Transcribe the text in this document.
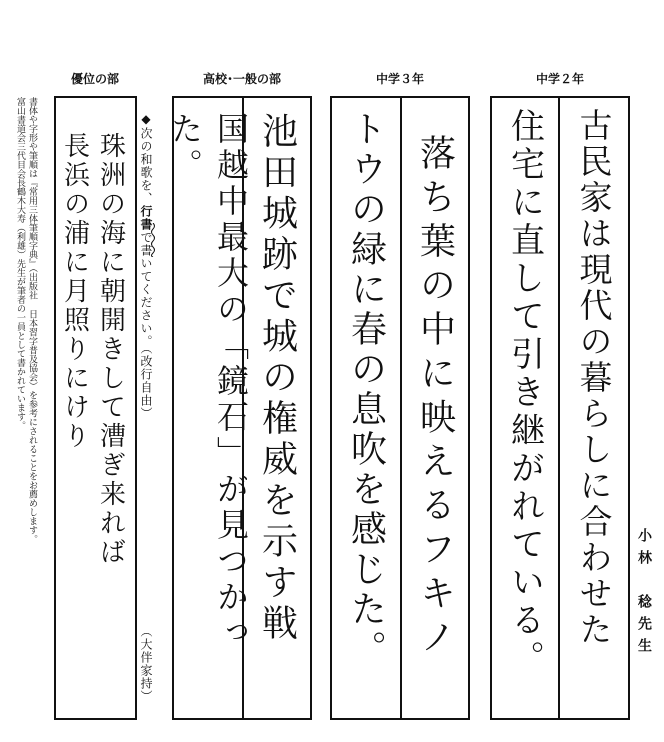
優位の部	高校･一般の部	中学３年	中学２年
書体や字形や筆順は『常用三体筆順字典』（出版社 日本習字普及協会）を参考にされることをお薦めします。
富山書道会三代目会長鶴木大寿（利雄）先生が筆者の一員として書かれています。	珠洲の海に朝開きして漕ぎ来れば
長浜の浦に月照りにけり	◆次の和歌を、行書で書いてください。（改行自由）
（大伴家持）
池田城跡で城の権威を示す戦
国越中最大の「鏡石」が見つかった。	落ち葉の中に映えるフキノ
トウの緑に春の息吹を感じた。	古民家は現代の暮らしに合わせた
住宅に直して引き継がれている。	小林　稔先生
